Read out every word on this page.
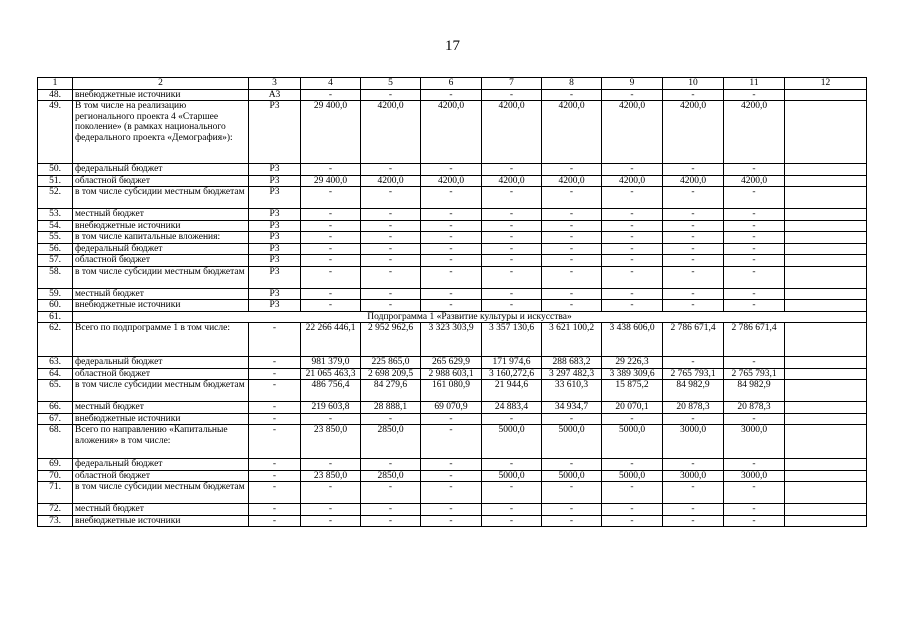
17
1	2	3	4	5	6	7	8	9	10	11	12
48.	внебюджетные источники	А3	-	-	-	-	-	-	-	-	
49.	В том числе на реализацию регионального проекта 4 «Старшее поколение» (в рамках национального федерального проекта «Демография»):	Р3	29 400,0	4200,0	4200,0	4200,0	4200,0	4200,0	4200,0	4200,0	
50.	федеральный бюджет	Р3	-	-	-	-	-	-	-	-	
51.	областной бюджет	Р3	29 400,0	4200,0	4200,0	4200,0	4200,0	4200,0	4200,0	4200,0	
52.	в том числе субсидии местным бюджетам	Р3	-	-	-	-	-	-	-	-	
53.	местный бюджет	Р3	-	-	-	-	-	-	-	-	
54.	внебюджетные источники	Р3	-	-	-	-	-	-	-	-	
55.	в том числе капитальные вложения:	Р3	-	-	-	-	-	-	-	-	
56.	федеральный бюджет	Р3	-	-	-	-	-	-	-	-	
57.	областной бюджет	Р3	-	-	-	-	-	-	-	-	
58.	в том числе субсидии местным бюджетам	Р3	-	-	-	-	-	-	-	-	
59.	местный бюджет	Р3	-	-	-	-	-	-	-	-	
60.	внебюджетные источники	Р3	-	-	-	-	-	-	-	-	
61.	Подпрограмма 1 «Развитие культуры и искусства»										
62.	Всего по подпрограмме 1 в том числе:	-	22 266 446,1	2 952 962,6	3 323 303,9	3 357 130,6	3 621 100,2	3 438 606,0	2 786 671,4	2 786 671,4	
63.	федеральный бюджет	-	981 379,0	225 865,0	265 629,9	171 974,6	288 683,2	29 226,3	-	-	
64.	областной бюджет	-	21 065 463,3	2 698 209,5	2 988 603,1	3 160,272,6	3 297 482,3	3 389 309,6	2 765 793,1	2 765 793,1	
65.	в том числе субсидии местным бюджетам	-	486 756,4	84 279,6	161 080,9	21 944,6	33 610,3	15 875,2	84 982,9	84 982,9	
66.	местный бюджет	-	219 603,8	28 888,1	69 070,9	24 883,4	34 934,7	20 070,1	20 878,3	20 878,3	
67.	внебюджетные источники	-	-	-	-	-	-	-	-	-	
68.	Всего по направлению «Капитальные вложения» в том числе:	-	23 850,0	2850,0	-	5000,0	5000,0	5000,0	3000,0	3000,0	
69.	федеральный бюджет	-	-	-	-	-	-	-	-	-	
70.	областной бюджет	-	23 850,0	2850,0	-	5000,0	5000,0	5000,0	3000,0	3000,0	
71.	в том числе субсидии местным бюджетам	-	-	-	-	-	-	-	-	-	
72.	местный бюджет	-	-	-	-	-	-	-	-	-	
73.	внебюджетные источники	-	-	-	-	-	-	-	-	-	
